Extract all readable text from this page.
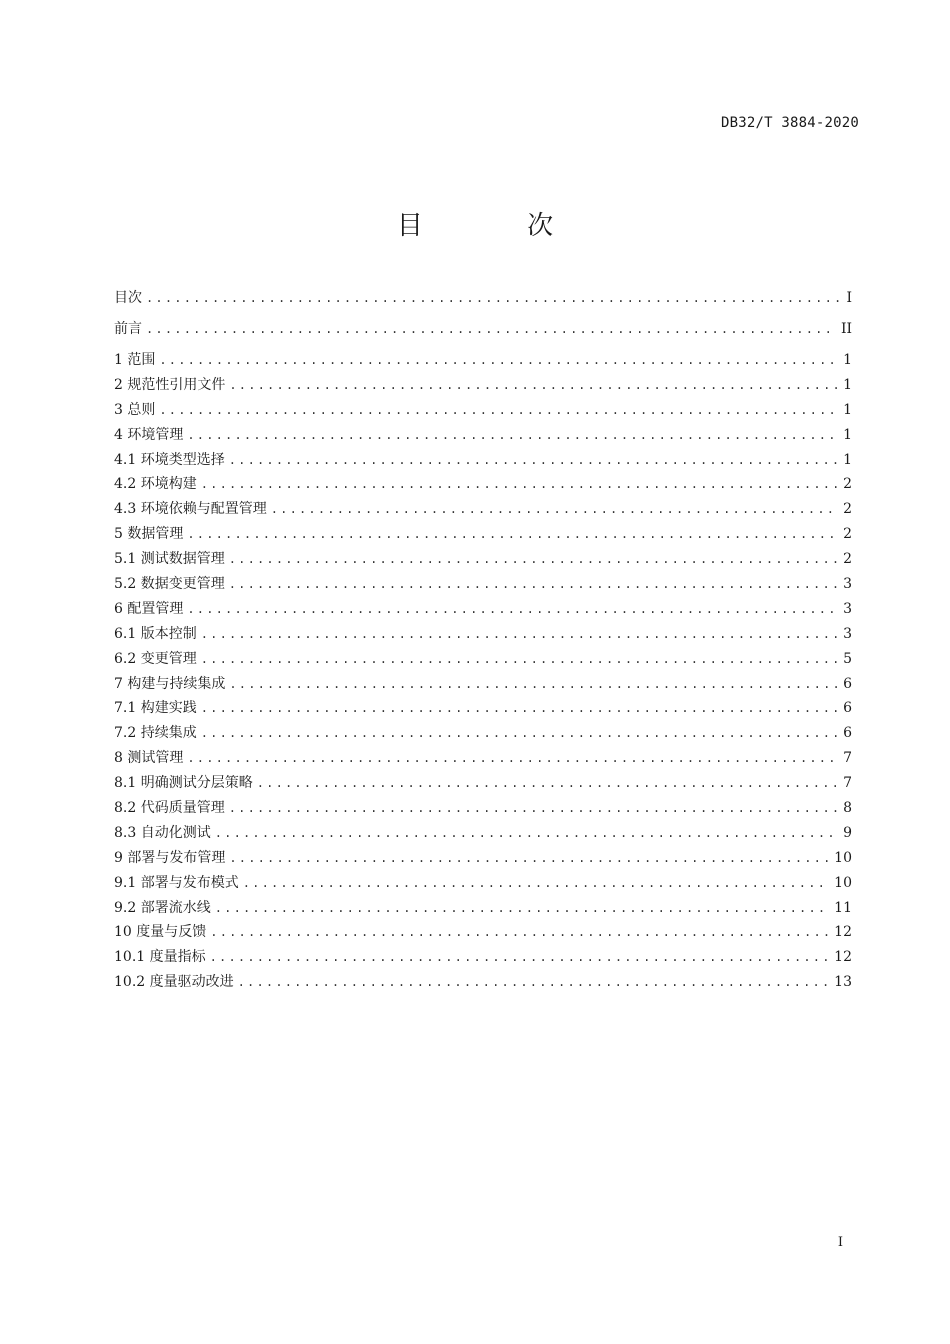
DB32/T 3884-2020
目 次
目次 .....	I
前言 .....	II
1 范围 .....	1
2 规范性引用文件 .....	1
3 总则 .....	1
4 环境管理 .....	1
4.1 环境类型选择 .....	1
4.2 环境构建 .....	2
4.3 环境依赖与配置管理 .....	2
5 数据管理 .....	2
5.1 测试数据管理 .....	2
5.2 数据变更管理 .....	3
6 配置管理 .....	3
6.1 版本控制 .....	3
6.2 变更管理 .....	5
7 构建与持续集成 .....	6
7.1 构建实践 .....	6
7.2 持续集成 .....	6
8 测试管理 .....	7
8.1 明确测试分层策略 .....	7
8.2 代码质量管理 .....	8
8.3 自动化测试 .....	9
9 部署与发布管理 .....	10
9.1 部署与发布模式 .....	10
9.2 部署流水线 .....	11
10 度量与反馈 .....	12
10.1 度量指标 .....	12
10.2 度量驱动改进 .....	13
I
